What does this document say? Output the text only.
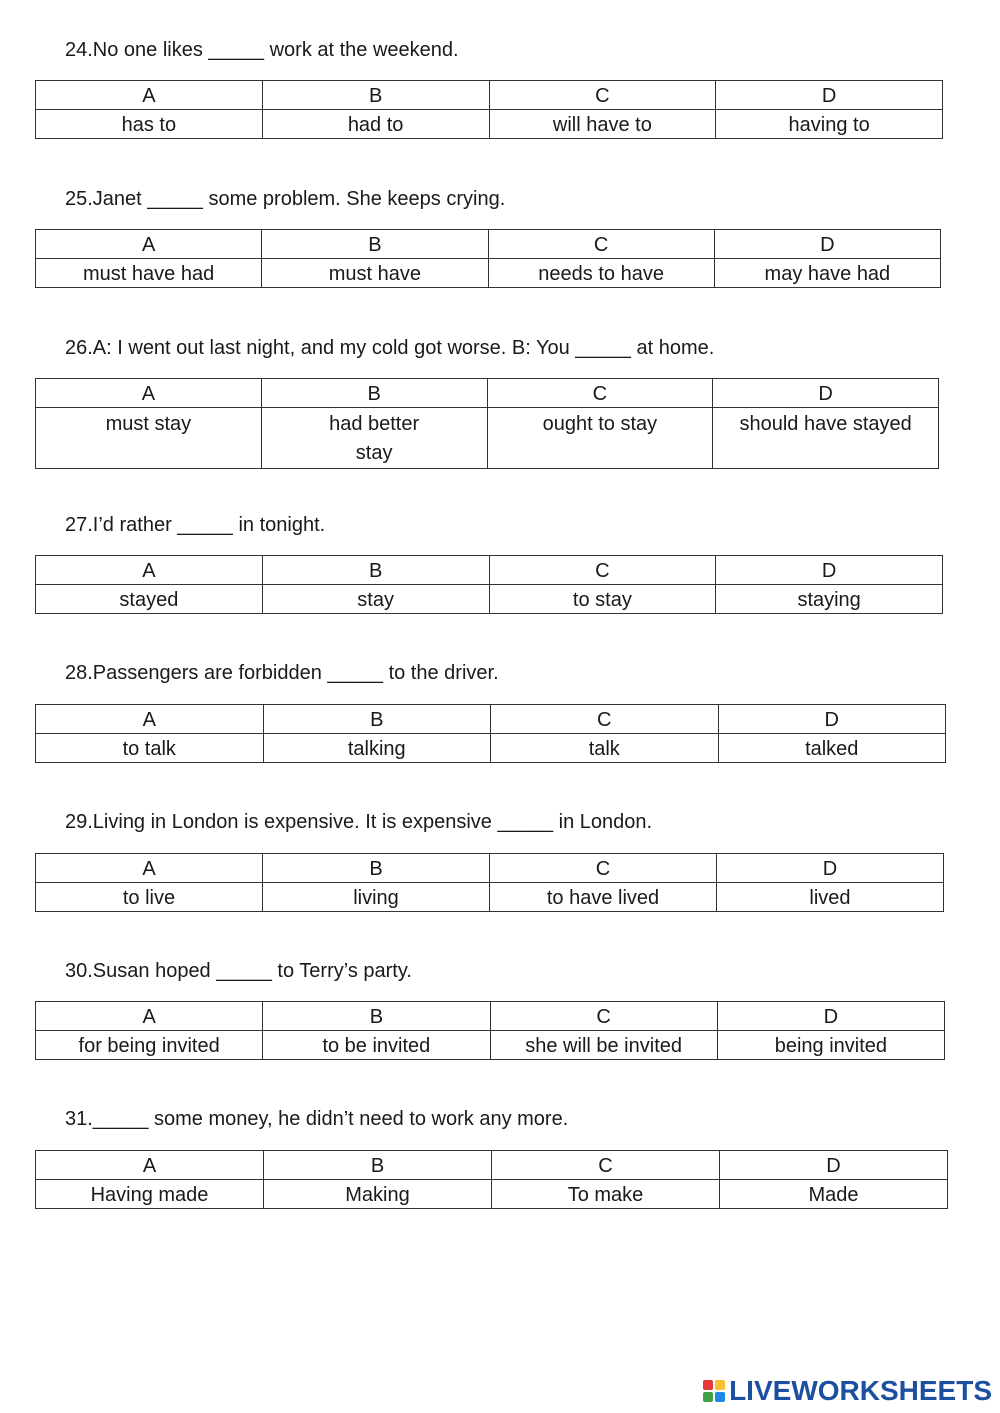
24.No one likes _____ work at the weekend.
A	B	C	D
has to	had to	will have to	having to
25.Janet _____ some problem. She keeps crying.
A	B	C	D
must have had	must have	needs to have	may have had
26.A: I went out last night, and my cold got worse. B: You _____ at home.
A	B	C	D
must stay	had better stay	ought to stay	should have stayed
27.I’d rather _____ in tonight.
A	B	C	D
stayed	stay	to stay	staying
28.Passengers are forbidden _____ to the driver.
A	B	C	D
to talk	talking	talk	talked
29.Living in London is expensive. It is expensive _____ in London.
A	B	C	D
to live	living	to have lived	lived
30.Susan hoped _____ to Terry’s party.
A	B	C	D
for being invited	to be invited	she will be invited	being invited
31._____ some money, he didn’t need to work any more.
A	B	C	D
Having made	Making	To make	Made
LIVEWORKSHEETS
